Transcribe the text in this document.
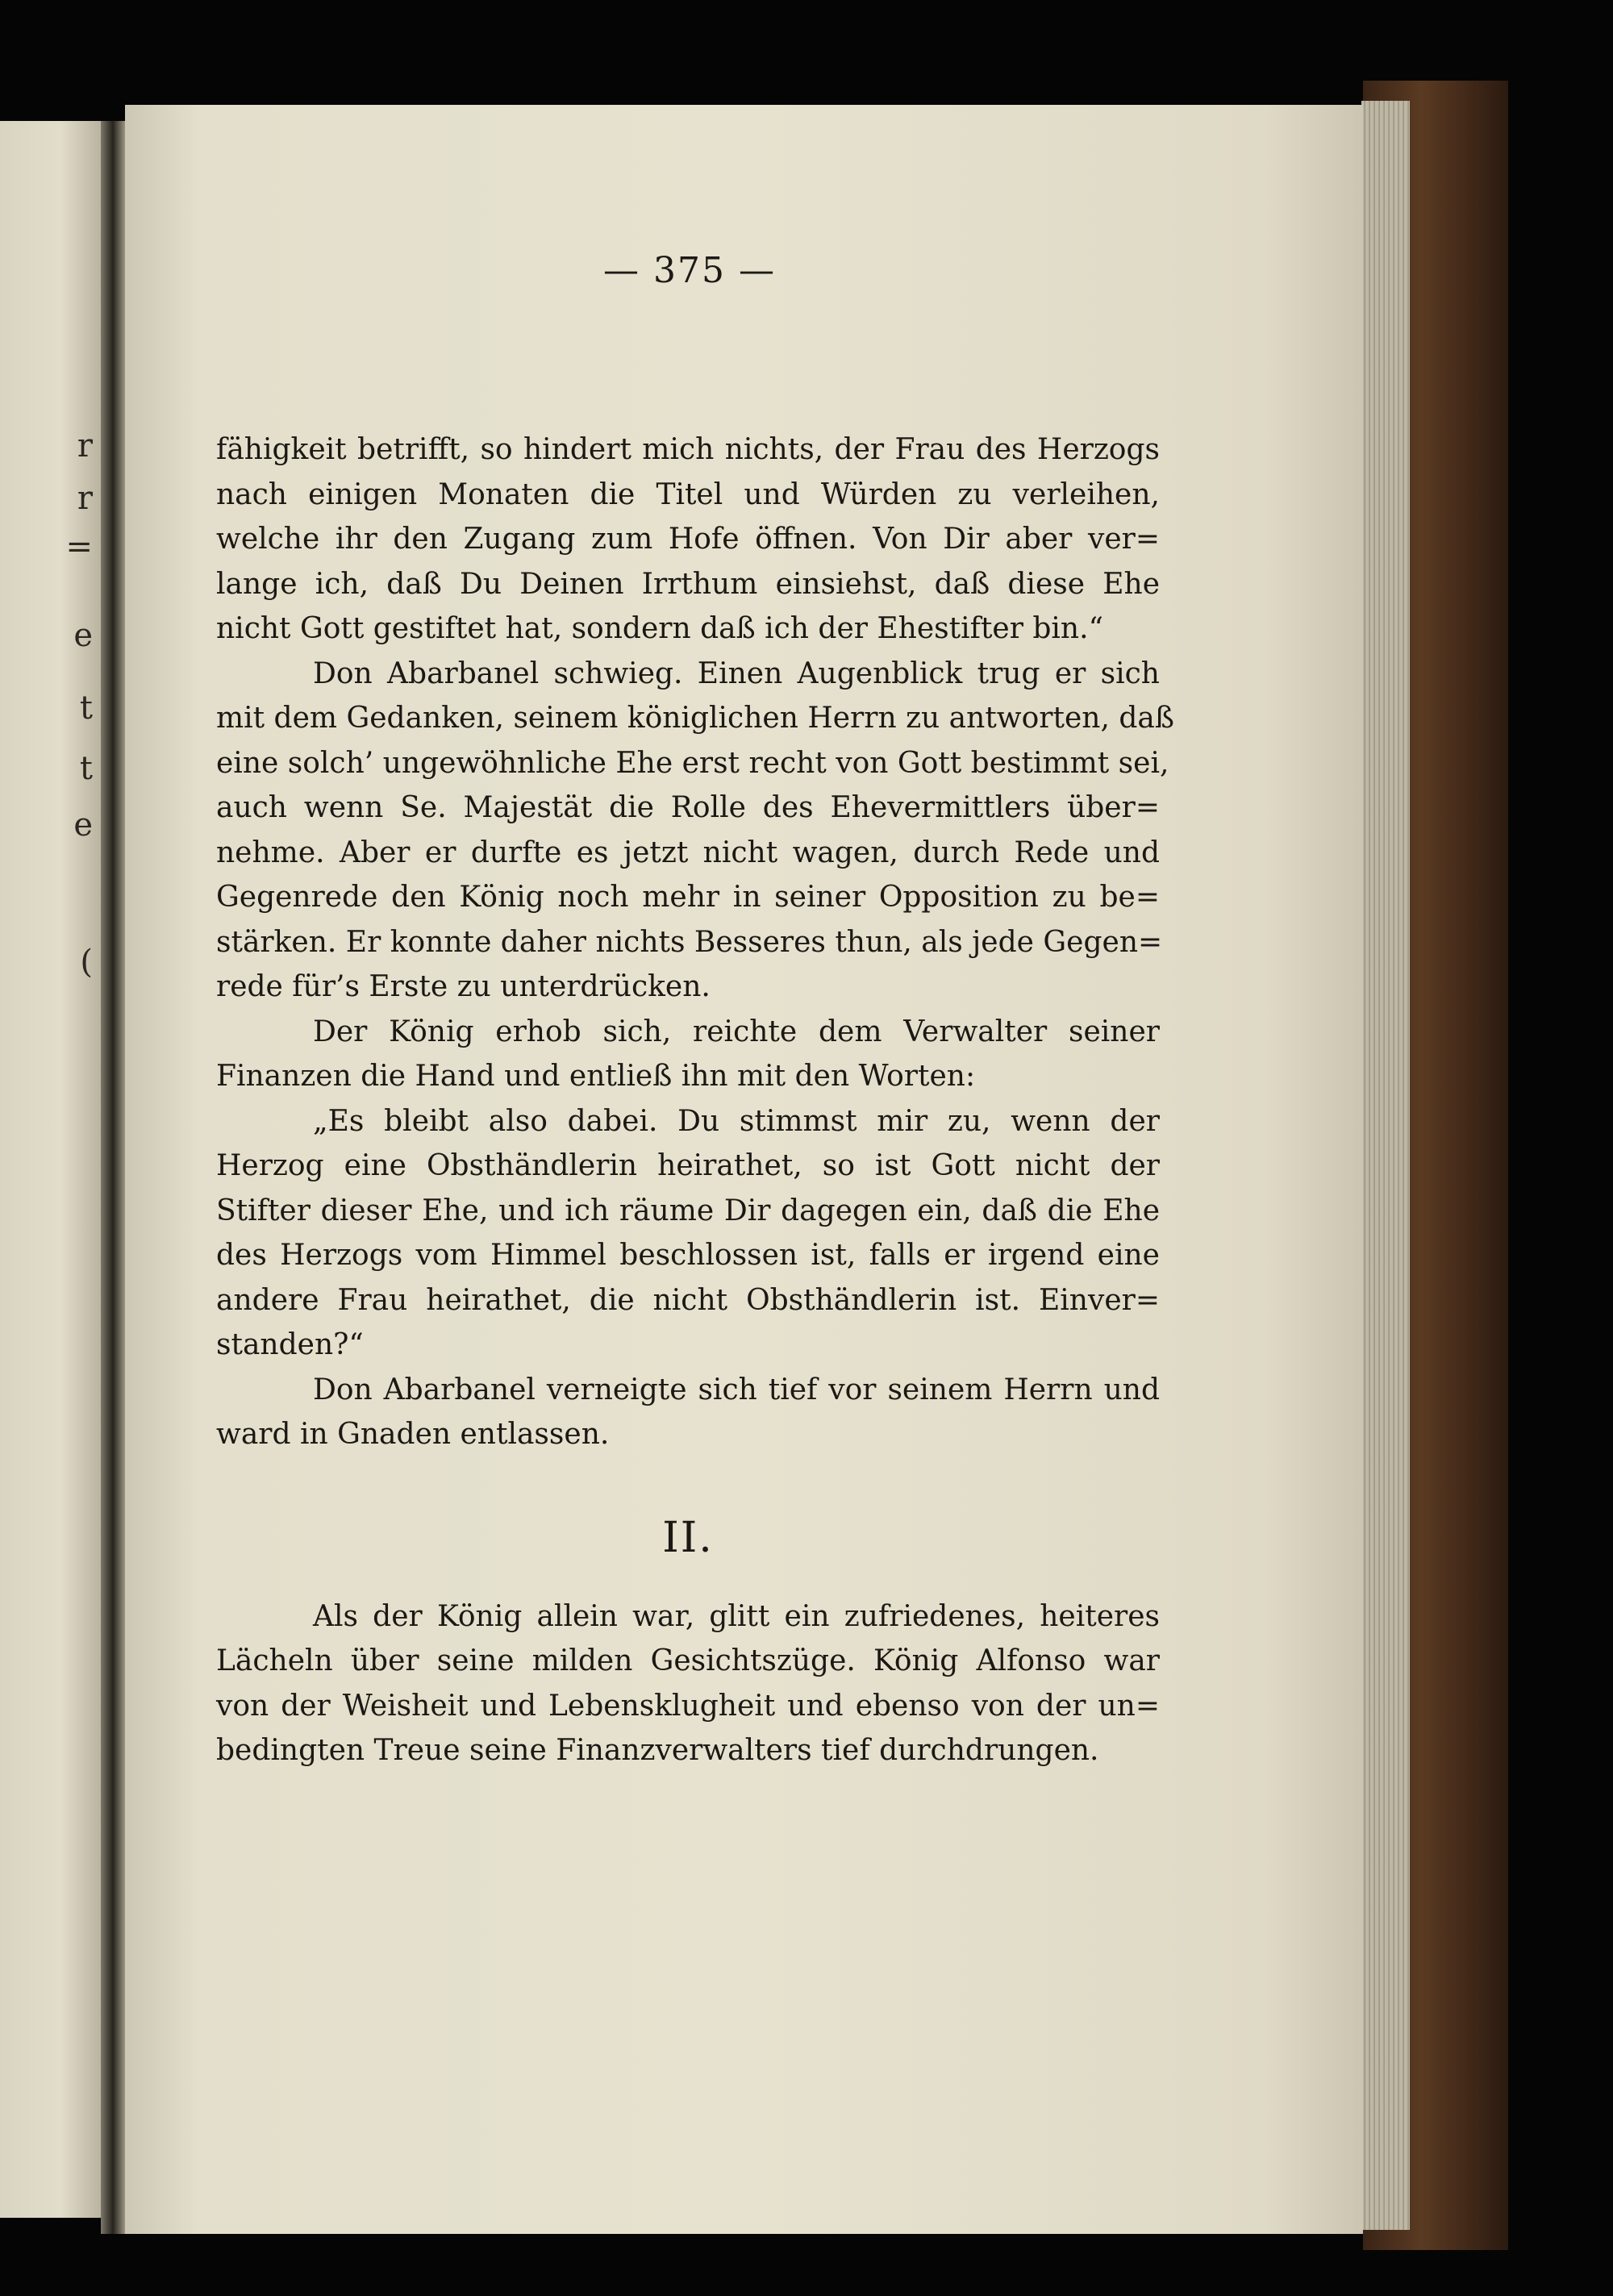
r
r
=
e
t
t
e
(
— 375 —

fähigkeit betrifft, so hindert mich nichts, der Frau des Herzogs

nach einigen Monaten die Titel und Würden zu verleihen,

welche ihr den Zugang zum Hofe öffnen. Von Dir aber ver=

lange ich, daß Du Deinen Irrthum einsiehst, daß diese Ehe

nicht Gott gestiftet hat, sondern daß ich der Ehestifter bin.“

Don Abarbanel schwieg. Einen Augenblick trug er sich

mit dem Gedanken, seinem königlichen Herrn zu antworten, daß

eine solch’ ungewöhnliche Ehe erst recht von Gott bestimmt sei,

auch wenn Se. Majestät die Rolle des Ehevermittlers über=

nehme. Aber er durfte es jetzt nicht wagen, durch Rede und

Gegenrede den König noch mehr in seiner Opposition zu be=

stärken. Er konnte daher nichts Besseres thun, als jede Gegen=

rede für’s Erste zu unterdrücken.

Der König erhob sich, reichte dem Verwalter seiner

Finanzen die Hand und entließ ihn mit den Worten:

„Es bleibt also dabei. Du stimmst mir zu, wenn der

Herzog eine Obsthändlerin heirathet, so ist Gott nicht der

Stifter dieser Ehe, und ich räume Dir dagegen ein, daß die Ehe

des Herzogs vom Himmel beschlossen ist, falls er irgend eine

andere Frau heirathet, die nicht Obsthändlerin ist. Einver=

standen?“

Don Abarbanel verneigte sich tief vor seinem Herrn und

ward in Gnaden entlassen.

II.

Als der König allein war, glitt ein zufriedenes, heiteres

Lächeln über seine milden Gesichtszüge. König Alfonso war

von der Weisheit und Lebensklugheit und ebenso von der un=

bedingten Treue seine Finanzverwalters tief durchdrungen.
